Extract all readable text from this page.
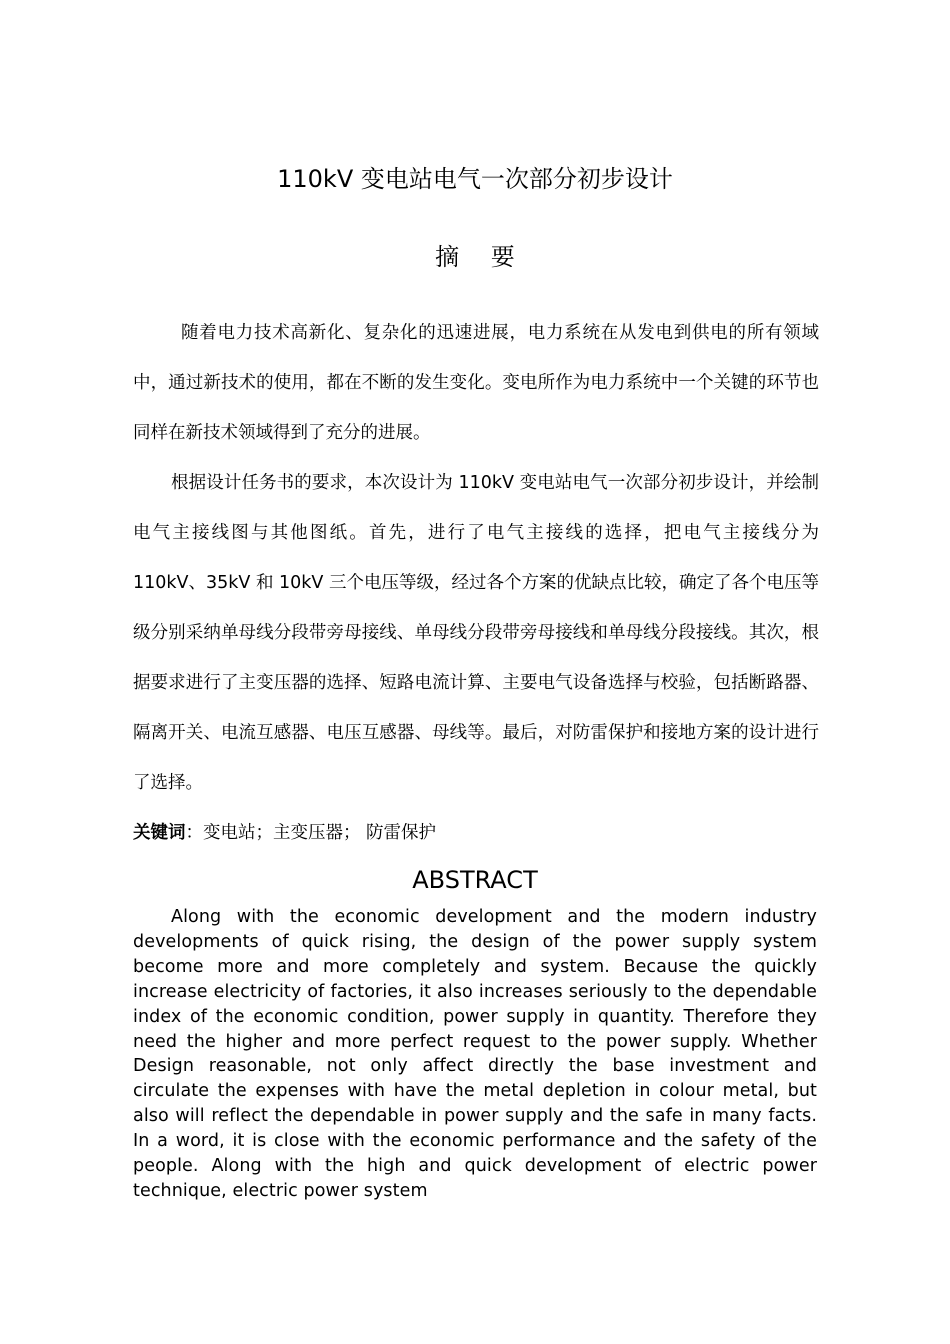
110kV 变电站电气一次部分初步设计
摘 要

随着电力技术高新化、复杂化的迅速进展，电力系统在从发电到供电的所有领域中，通过新技术的使用，都在不断的发生变化。变电所作为电力系统中一个关键的环节也同样在新技术领域得到了充分的进展。

根据设计任务书的要求，本次设计为 110kV 变电站电气一次部分初步设计，并绘制电气主接线图与其他图纸。首先，进行了电气主接线的选择，把电气主接线分为 110kV、35kV 和 10kV 三个电压等级，经过各个方案的优缺点比较，确定了各个电压等级分别采纳单母线分段带旁母接线、单母线分段带旁母接线和单母线分段接线。其次，根据要求进行了主变压器的选择、短路电流计算、主要电气设备选择与校验，包括断路器、隔离开关、电流互感器、电压互感器、母线等。最后，对防雷保护和接地方案的设计进行了选择。

关键词：变电站；主变压器； 防雷保护

ABSTRACT

Along with the economic development and the modern industry developments of quick rising, the design of the power supply system become more and more completely and system. Because the quickly increase electricity of factories, it also increases seriously to the dependable index of the economic condition, power supply in quantity. Therefore they need the higher and more perfect request to the power supply. Whether Design reasonable, not only affect directly the base investment and circulate the expenses with have the metal depletion in colour metal, but also will reflect the dependable in power supply and the safe in many facts. In a word, it is close with the economic performance and the safety of the people. Along with the high and quick development of electric power technique, electric power system
